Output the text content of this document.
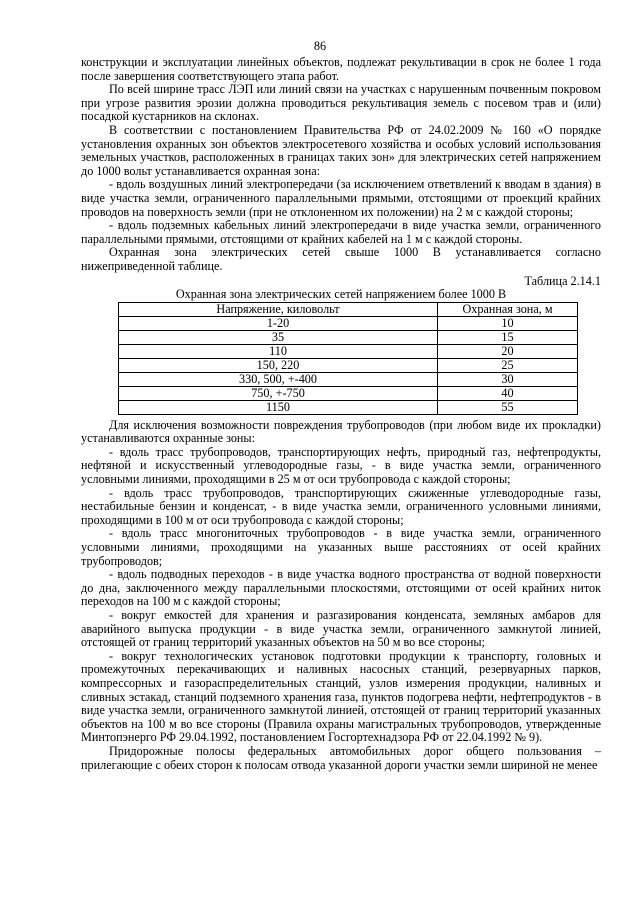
86

конструкции и эксплуатации линейных объектов, подлежат рекультивации в срок не более 1 года после завершения соответствующего этапа работ.

По всей ширине трасс ЛЭП или линий связи на участках с нарушенным почвенным покровом при угрозе развития эрозии должна проводиться рекультивация земель с посевом трав и (или) посадкой кустарников на склонах.

В соответствии с постановлением Правительства РФ от 24.02.2009 № 160 «О порядке установления охранных зон объектов электросетевого хозяйства и особых условий использования земельных участков, расположенных в границах таких зон» для электрических сетей напряжением до 1000 вольт устанавливается охранная зона:

- вдоль воздушных линий электропередачи (за исключением ответвлений к вводам в здания) в виде участка земли, ограниченного параллельными прямыми, отстоящими от проекций крайних проводов на поверхность земли (при не отклоненном их положении) на 2 м с каждой стороны;

- вдоль подземных кабельных линий электропередачи в виде участка земли, ограниченного параллельными прямыми, отстоящими от крайних кабелей на 1 м с каждой стороны.

Охранная зона электрических сетей свыше 1000 В устанавливается согласно нижеприведенной таблице.

Таблица 2.14.1

Охранная зона электрических сетей напряжением более 1000 В

Напряжение, киловольт	Охранная зона, м
1-20	10
35	15
110	20
150, 220	25
330, 500, +-400	30
750, +-750	40
1150	55

Для исключения возможности повреждения трубопроводов (при любом виде их прокладки) устанавливаются охранные зоны:

- вдоль трасс трубопроводов, транспортирующих нефть, природный газ, нефтепродукты, нефтяной и искусственный углеводородные газы, - в виде участка земли, ограниченного условными линиями, проходящими в 25 м от оси трубопровода с каждой стороны;

- вдоль трасс трубопроводов, транспортирующих сжиженные углеводородные газы, нестабильные бензин и конденсат, - в виде участка земли, ограниченного условными линиями, проходящими в 100 м от оси трубопровода с каждой стороны;

- вдоль трасс многониточных трубопроводов - в виде участка земли, ограниченного условными линиями, проходящими на указанных выше расстояниях от осей крайних трубопроводов;

- вдоль подводных переходов - в виде участка водного пространства от водной поверхности до дна, заключенного между параллельными плоскостями, отстоящими от осей крайних ниток переходов на 100 м с каждой стороны;

- вокруг емкостей для хранения и разгазирования конденсата, земляных амбаров для аварийного выпуска продукции - в виде участка земли, ограниченного замкнутой линией, отстоящей от границ территорий указанных объектов на 50 м во все стороны;

- вокруг технологических установок подготовки продукции к транспорту, головных и промежуточных перекачивающих и наливных насосных станций, резервуарных парков, компрессорных и газораспределительных станций, узлов измерения продукции, наливных и сливных эстакад, станций подземного хранения газа, пунктов подогрева нефти, нефтепродуктов - в виде участка земли, ограниченного замкнутой линией, отстоящей от границ территорий указанных объектов на 100 м во все стороны (Правила охраны магистральных трубопроводов, утвержденные Минтопэнерго РФ 29.04.1992, постановлением Госгортехнадзора РФ от 22.04.1992 № 9).

Придорожные полосы федеральных автомобильных дорог общего пользования – прилегающие с обеих сторон к полосам отвода указанной дороги участки земли шириной не менее
